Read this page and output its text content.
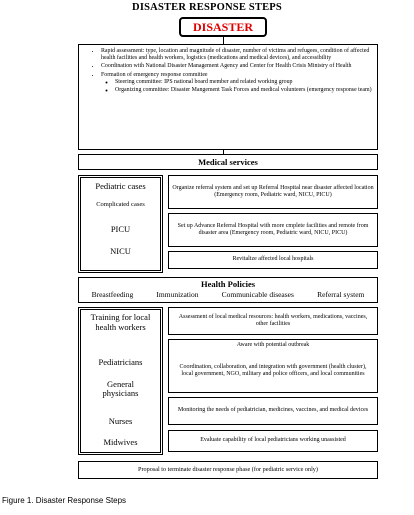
DISASTER RESPONSE STEPS
DISASTER
• Rapid assessment: type, location and magnitude of disaster, number of victims and refugees, condition of affected health facilities and health workers, logistics (medications and medical devices), and accessibility
• Coordination with National Disaster Management Agency and Center for Health Crisis Ministry of Health
• Formation of emergency response committee
◦ Steering committee: IPS national board member and related working group
◦ Organizing committee: Disaster Mangement Task Forces and medical volunteers (emergency response team)
Medical services
Pediatric cases
Complicated cases
PICU
NICU
Organize referral system and set up Referral Hospital near disaster affected location (Emergency room, Pediatric ward, NICU, PICU)
Set up Advance Referral Hospital with more cmplete facilities and remote from disaster area (Emergency room, Pediatric ward, NICU, PICU)
Revitalize affected local hospitals
Health Policies
Breastfeeding	Immunization	Communicable diseases	Referral system
Training for local health workers
Pediatricians
General physicians
Nurses
Midwives
Assessment of local medical resources: health workers, medications, vaccines, other facilities
Aware with potential outbreak
Coordination, collaboration, and integration with government (health cluster), local government, NGO, military and police officers, and local communities
Monitoring the needs of pediatrician, medicines, vaccines, and medical devices
Evaluate capability of local pediatricians working unassisted
Proposal to terminate disaster response phase (for pediatric service only)
Figure 1. Disaster Response Steps
